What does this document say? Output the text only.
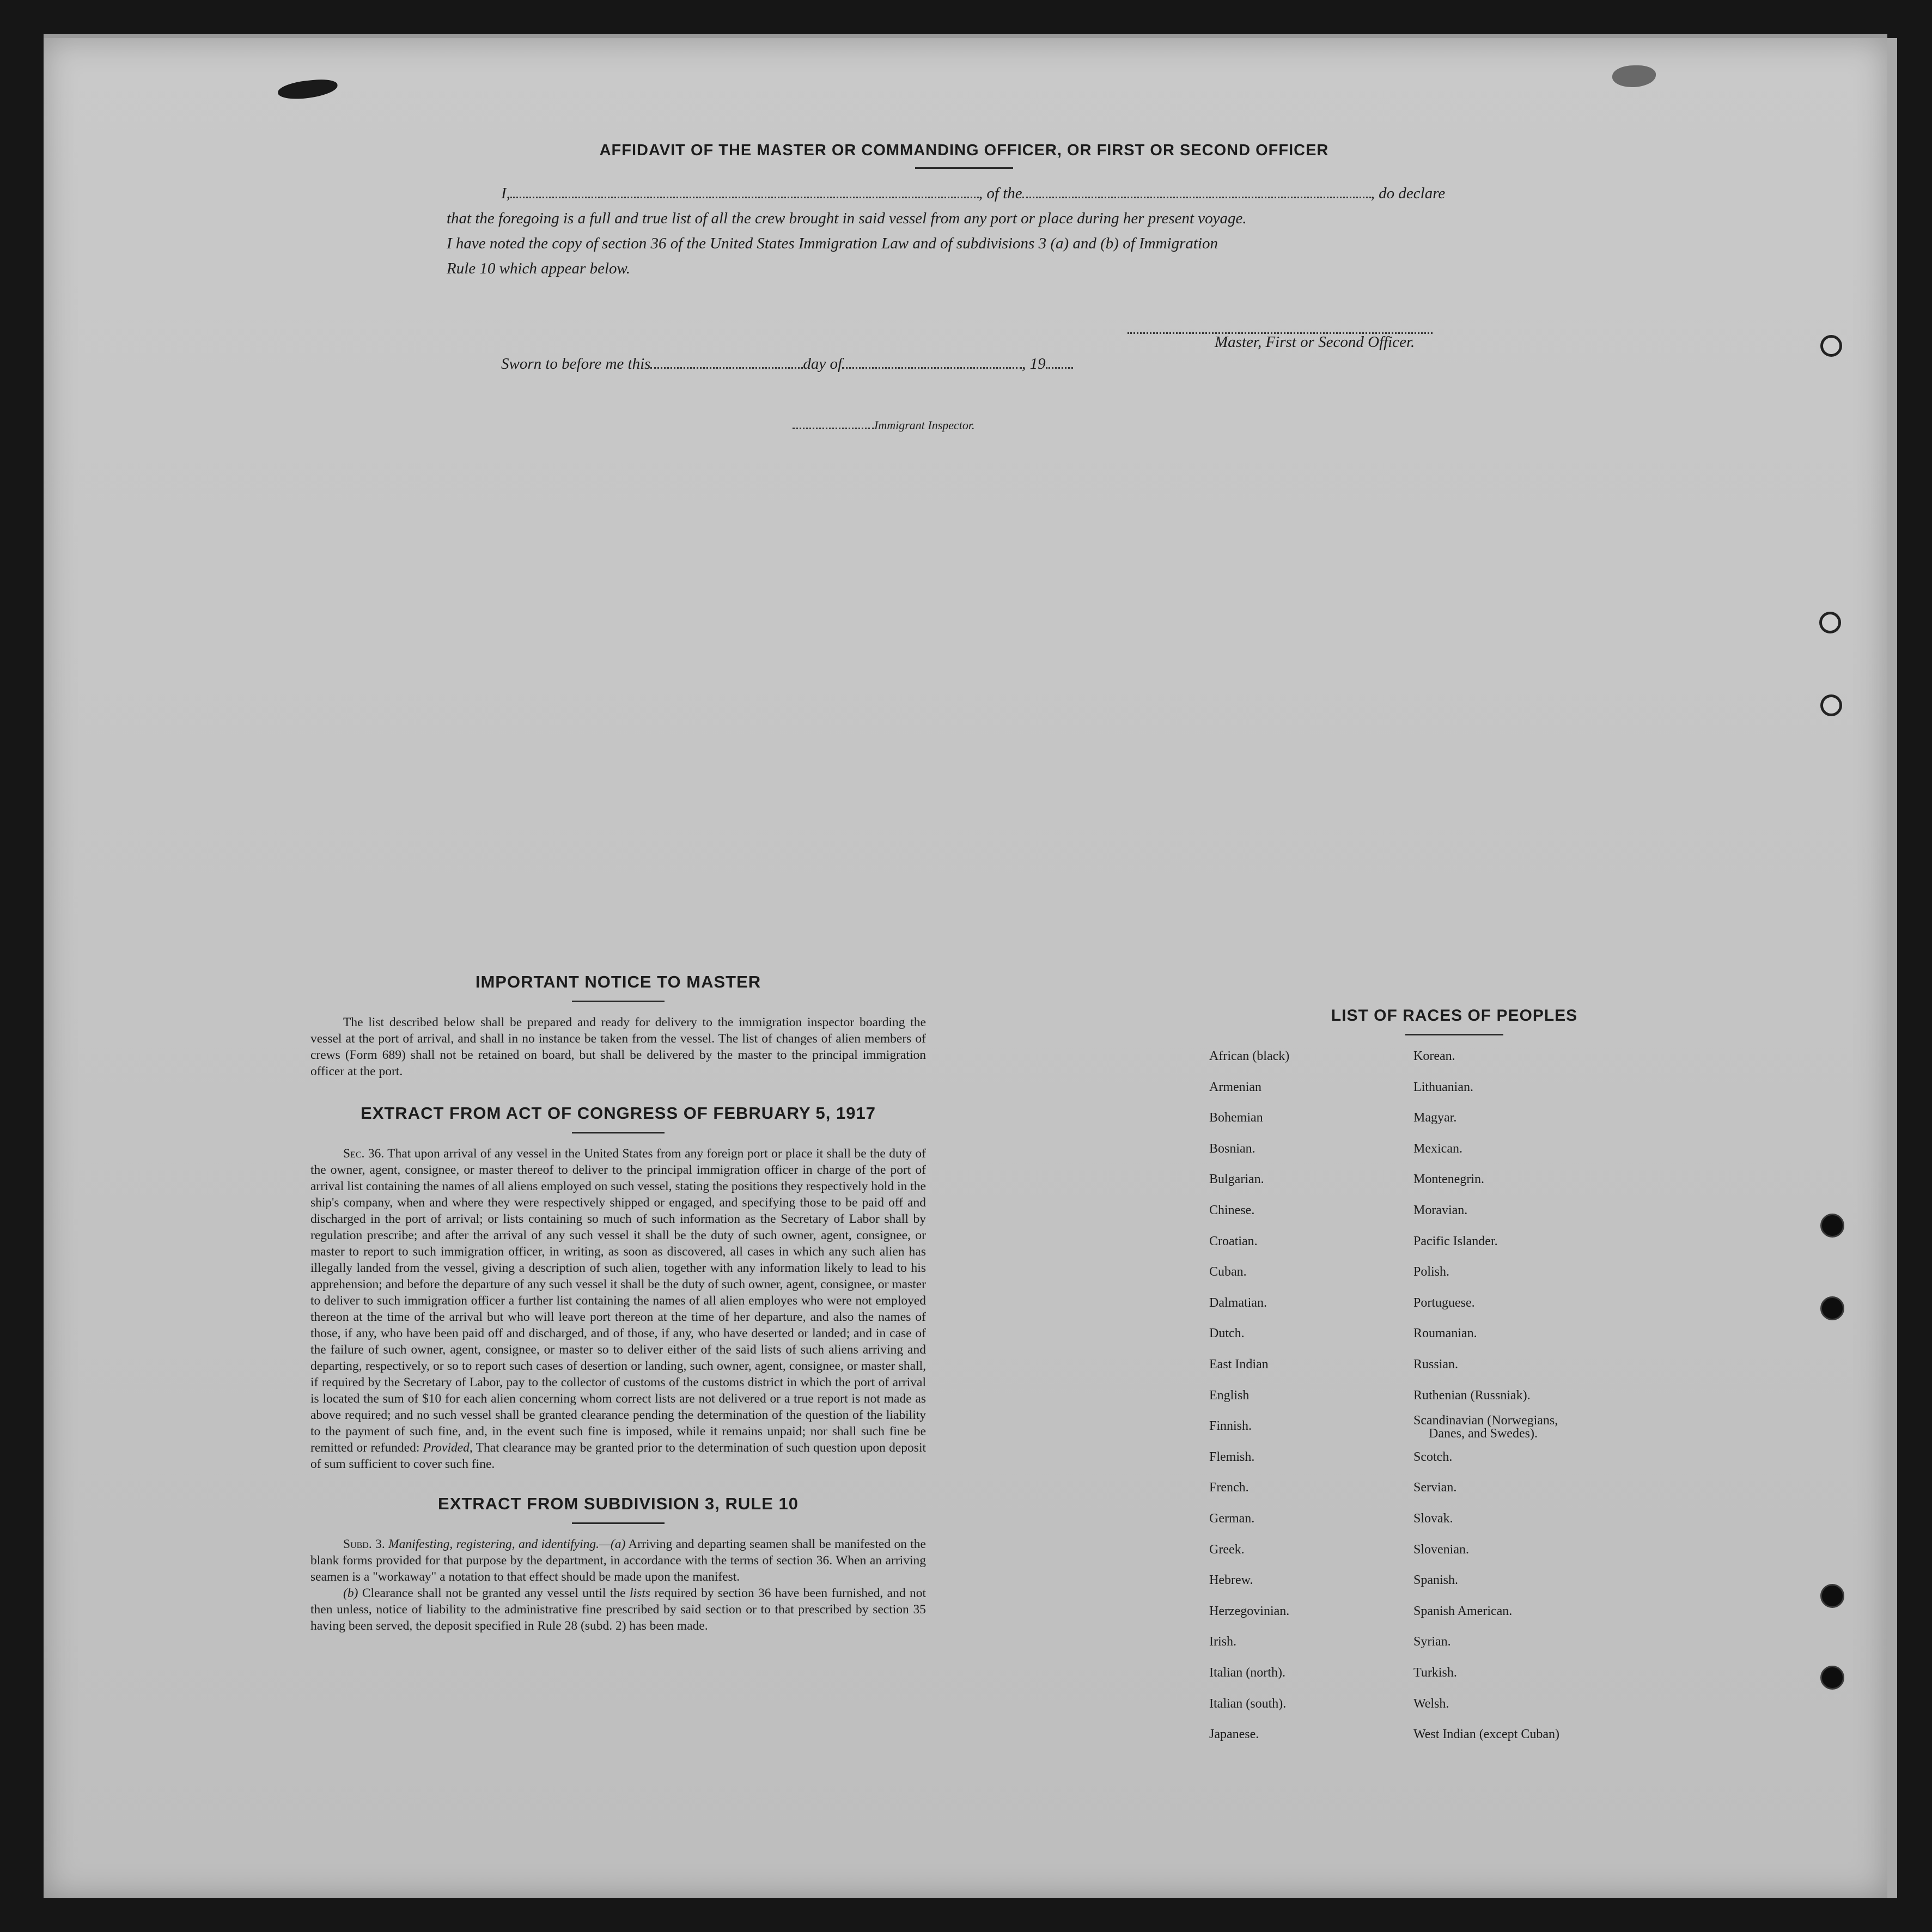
AFFIDAVIT OF THE MASTER OR COMMANDING OFFICER, OR FIRST OR SECOND OFFICER
I,	, of the	, do declare
that the foregoing is a full and true list of all the crew brought in said vessel from any port or place during her present voyage.
I have noted the copy of section 36 of the United States Immigration Law and of subdivisions 3 (a) and (b) of Immigration
Rule 10 which appear below.
Master, First or Second Officer.
Sworn to before me this	day of	, 19
Immigrant Inspector.
IMPORTANT NOTICE TO MASTER

The list described below shall be prepared and ready for delivery to the immigration inspector boarding the vessel at the port of arrival, and shall in no instance be taken from the vessel. The list of changes of alien members of crews (Form 689) shall not be retained on board, but shall be delivered by the master to the principal immigration officer at the port.

EXTRACT FROM ACT OF CONGRESS OF FEBRUARY 5, 1917

Sec. 36. That upon arrival of any vessel in the United States from any foreign port or place it shall be the duty of the owner, agent, consignee, or master thereof to deliver to the principal immigration officer in charge of the port of arrival list containing the names of all aliens employed on such vessel, stating the positions they respectively hold in the ship's company, when and where they were respectively shipped or engaged, and specifying those to be paid off and discharged in the port of arrival; or lists containing so much of such information as the Secretary of Labor shall by regulation prescribe; and after the arrival of any such vessel it shall be the duty of such owner, agent, consignee, or master to report to such immigration officer, in writing, as soon as discovered, all cases in which any such alien has illegally landed from the vessel, giving a description of such alien, together with any information likely to lead to his apprehension; and before the departure of any such vessel it shall be the duty of such owner, agent, consignee, or master to deliver to such immigration officer a further list containing the names of all alien employes who were not employed thereon at the time of the arrival but who will leave port thereon at the time of her departure, and also the names of those, if any, who have been paid off and discharged, and of those, if any, who have deserted or landed; and in case of the failure of such owner, agent, consignee, or master so to deliver either of the said lists of such aliens arriving and departing, respectively, or so to report such cases of desertion or landing, such owner, agent, consignee, or master shall, if required by the Secretary of Labor, pay to the collector of customs of the customs district in which the port of arrival is located the sum of $10 for each alien concerning whom correct lists are not delivered or a true report is not made as above required; and no such vessel shall be granted clearance pending the determination of the question of the liability to the payment of such fine, and, in the event such fine is imposed, while it remains unpaid; nor shall such fine be remitted or refunded: Provided, That clearance may be granted prior to the determination of such question upon deposit of sum sufficient to cover such fine.

EXTRACT FROM SUBDIVISION 3, RULE 10

Subd. 3. Manifesting, registering, and identifying.—(a) Arriving and departing seamen shall be manifested on the blank forms provided for that purpose by the department, in accordance with the terms of section 36. When an arriving seamen is a "workaway" a notation to that effect should be made upon the manifest.

(b) Clearance shall not be granted any vessel until the lists required by section 36 have been furnished, and not then unless, notice of liability to the administrative fine prescribed by said section or to that prescribed by section 35 having been served, the deposit specified in Rule 28 (subd. 2) has been made.

LIST OF RACES OF PEOPLES
African (black)
Armenian
Bohemian
Bosnian.
Bulgarian.
Chinese.
Croatian.
Cuban.
Dalmatian.
Dutch.
East Indian
English
Finnish.
Flemish.
French.
German.
Greek.
Hebrew.
Herzegovinian.
Irish.
Italian (north).
Italian (south).
Japanese.
Korean.
Lithuanian.
Magyar.
Mexican.
Montenegrin.
Moravian.
Pacific Islander.
Polish.
Portuguese.
Roumanian.
Russian.
Ruthenian (Russniak).
Scandinavian (Norwegians,
Danes, and Swedes).
Scotch.
Servian.
Slovak.
Slovenian.
Spanish.
Spanish American.
Syrian.
Turkish.
Welsh.
West Indian (except Cuban)
